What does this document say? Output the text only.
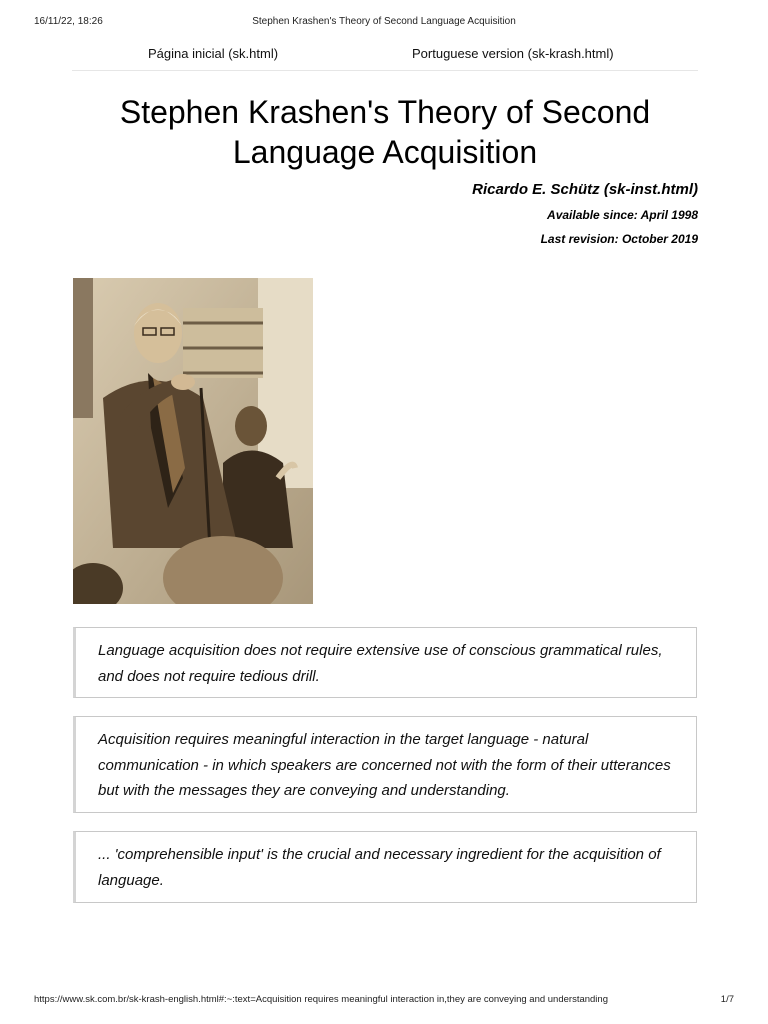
16/11/22, 18:26	Stephen Krashen's Theory of Second Language Acquisition
Página inicial (sk.html)	Portuguese version (sk-krash.html)
Stephen Krashen's Theory of Second Language Acquisition
Ricardo E. Schütz (sk-inst.html)
Available since: April 1998
Last revision: October 2019
Language acquisition does not require extensive use of conscious grammatical rules, and does not require tedious drill.
Acquisition requires meaningful interaction in the target language - natural communication - in which speakers are concerned not with the form of their utterances but with the messages they are conveying and understanding.
... 'comprehensible input' is the crucial and necessary ingredient for the acquisition of language.
https://www.sk.com.br/sk-krash-english.html#:~:text=Acquisition requires meaningful interaction in,they are conveying and understanding	1/7
